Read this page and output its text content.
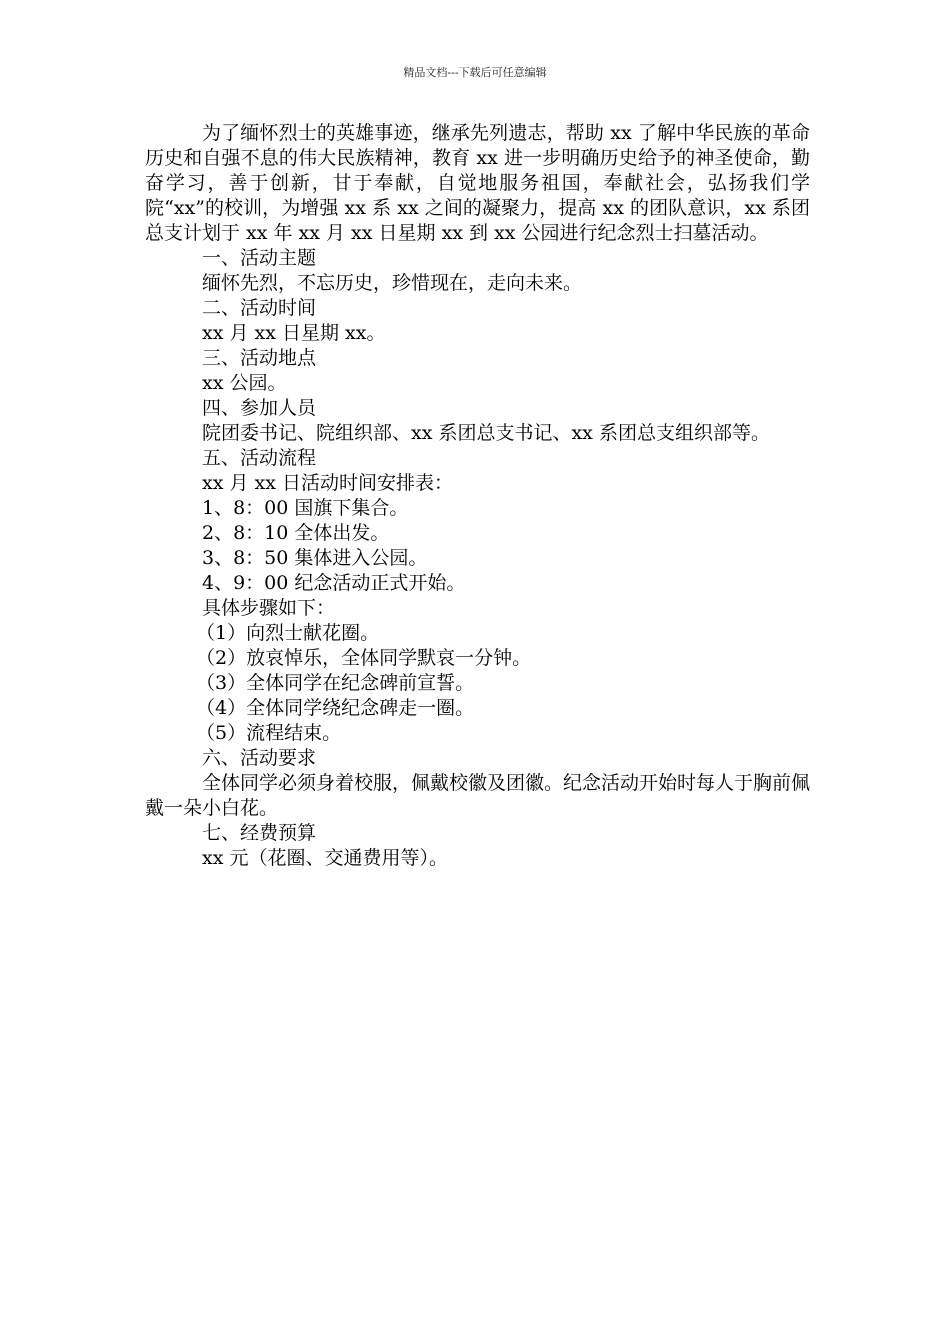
精品文档---下载后可任意编辑

为了缅怀烈士的英雄事迹，继承先列遗志，帮助 xx 了解中华民族的革命历史和自强不息的伟大民族精神，教育 xx 进一步明确历史给予的神圣使命，勤奋学习，善于创新，甘于奉献，自觉地服务祖国，奉献社会，弘扬我们学院“xx”的校训，为增强 xx 系 xx 之间的凝聚力，提高 xx 的团队意识，xx 系团总支计划于 xx 年 xx 月 xx 日星期 xx 到 xx 公园进行纪念烈士扫墓活动。

一、活动主题

缅怀先烈，不忘历史，珍惜现在，走向未来。

二、活动时间

xx 月 xx 日星期 xx。

三、活动地点

xx 公园。

四、参加人员

院团委书记、院组织部、xx 系团总支书记、xx 系团总支组织部等。

五、活动流程

xx 月 xx 日活动时间安排表：

1、8：00 国旗下集合。

2、8：10 全体出发。

3、8：50 集体进入公园。

4、9：00 纪念活动正式开始。

具体步骤如下：

（1）向烈士献花圈。

（2）放哀悼乐，全体同学默哀一分钟。

（3）全体同学在纪念碑前宣誓。

（4）全体同学绕纪念碑走一圈。

（5）流程结束。

六、活动要求

全体同学必须身着校服，佩戴校徽及团徽。纪念活动开始时每人于胸前佩戴一朵小白花。

七、经费预算

xx 元（花圈、交通费用等）。
